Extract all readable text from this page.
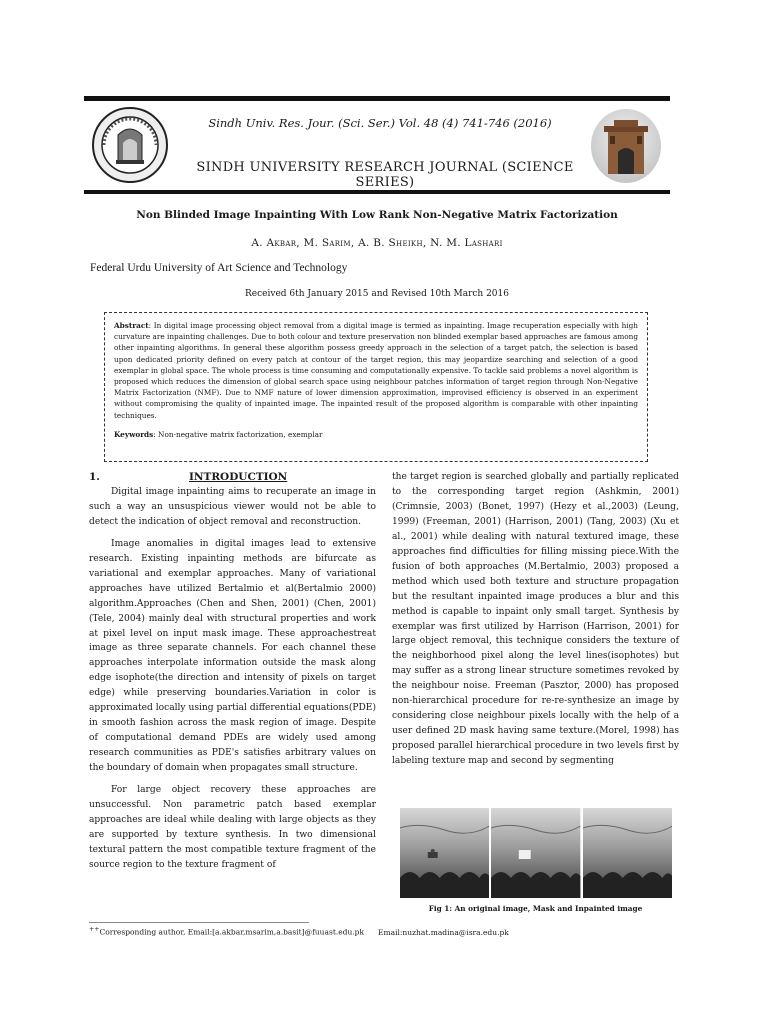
Sindh Univ. Res. Jour. (Sci. Ser.) Vol. 48 (4) 741-746 (2016)
SINDH UNIVERSITY RESEARCH JOURNAL (SCIENCE SERIES)
Non Blinded Image Inpainting With Low Rank Non-Negative Matrix Factorization
A. Akbar, M. Sarim, A. B. Sheikh, N. M. Lashari
Federal Urdu University of Art Science and Technology
Received 6th January 2015 and Revised 10th March 2016

Abstract: In digital image processing object removal from a digital image is termed as inpainting. Image recuperation especially with high curvature are inpainting challenges. Due to both colour and texture preservation non blinded exemplar based approaches are famous among other inpainting algorithms. In general these algorithm possess greedy approach in the selection of a target patch, the selection is based upon dedicated priority defined on every patch at contour of the target region, this may jeopardize searching and selection of a good exemplar in global space. The whole process is time consuming and computationally expensive. To tackle said problems a novel algorithm is proposed which reduces the dimension of global search space using neighbour patches information of target region through Non-Negative Matrix Factorization (NMF). Due to NMF nature of lower dimension approximation, improvised efficiency is observed in an experiment without compromising the quality of inpainted image. The inpainted result of the proposed algorithm is comparable with other inpainting techniques.

Keywords: Non-negative matrix factorization, exemplar

1.	INTRODUCTION

Digital image inpainting aims to recuperate an image in such a way an unsuspicious viewer would not be able to detect the indication of object removal and reconstruction.

Image anomalies in digital images lead to extensive research. Existing inpainting methods are bifurcate as variational and exemplar approaches. Many of variational approaches have utilized Bertalmio et al(Bertalmio 2000) algorithm.Approaches (Chen and Shen, 2001) (Chen, 2001) (Tele, 2004) mainly deal with structural properties and work at pixel level on input mask image. These approachestreat image as three separate channels. For each channel these approaches interpolate information outside the mask along edge isophote(the direction and intensity of pixels on target edge) while preserving boundaries.Variation in color is approximated locally using partial differential equations(PDE) in smooth fashion across the mask region of image. Despite of computational demand PDEs are widely used among research communities as PDE's satisfies arbitrary values on the boundary of domain when propagates small structure.

For large object recovery these approaches are unsuccessful. Non parametric patch based exemplar approaches are ideal while dealing with large objects as they are supported by texture synthesis. In two dimensional textural pattern the most compatible texture fragment of the source region to the texture fragment of

the target region is searched globally and partially replicated to the corresponding target region (Ashkmin, 2001) (Crimnsie, 2003) (Bonet, 1997) (Hezy et al.,2003) (Leung, 1999) (Freeman, 2001) (Harrison, 2001) (Tang, 2003) (Xu et al., 2001) while dealing with natural textured image, these approaches find difficulties for filling missing piece.With the fusion of both approaches (M.Bertalmio, 2003) proposed a method which used both texture and structure propagation but the resultant inpainted image produces a blur and this method is capable to inpaint only small target. Synthesis by exemplar was first utilized by Harrison (Harrison, 2001) for large object removal, this technique considers the texture of the neighborhood pixel along the level lines(isophotes) but may suffer as a strong linear structure sometimes revoked by the neighbour noise. Freeman (Pasztor, 2000) has proposed non-hierarchical procedure for re-re-synthesize an image by considering close neighbour pixels locally with the help of a user defined 2D mask having same texture.(Morel, 1998) has proposed parallel hierarchical procedure in two levels first by labeling texture map and second by segmenting

Fig 1: An original image, Mask and Inpainted image
++Corresponding author, Email:[a.akbar,msarim,a.basit]@fuuast.edu.pk Email:nuzhat.madina@isra.edu.pk
